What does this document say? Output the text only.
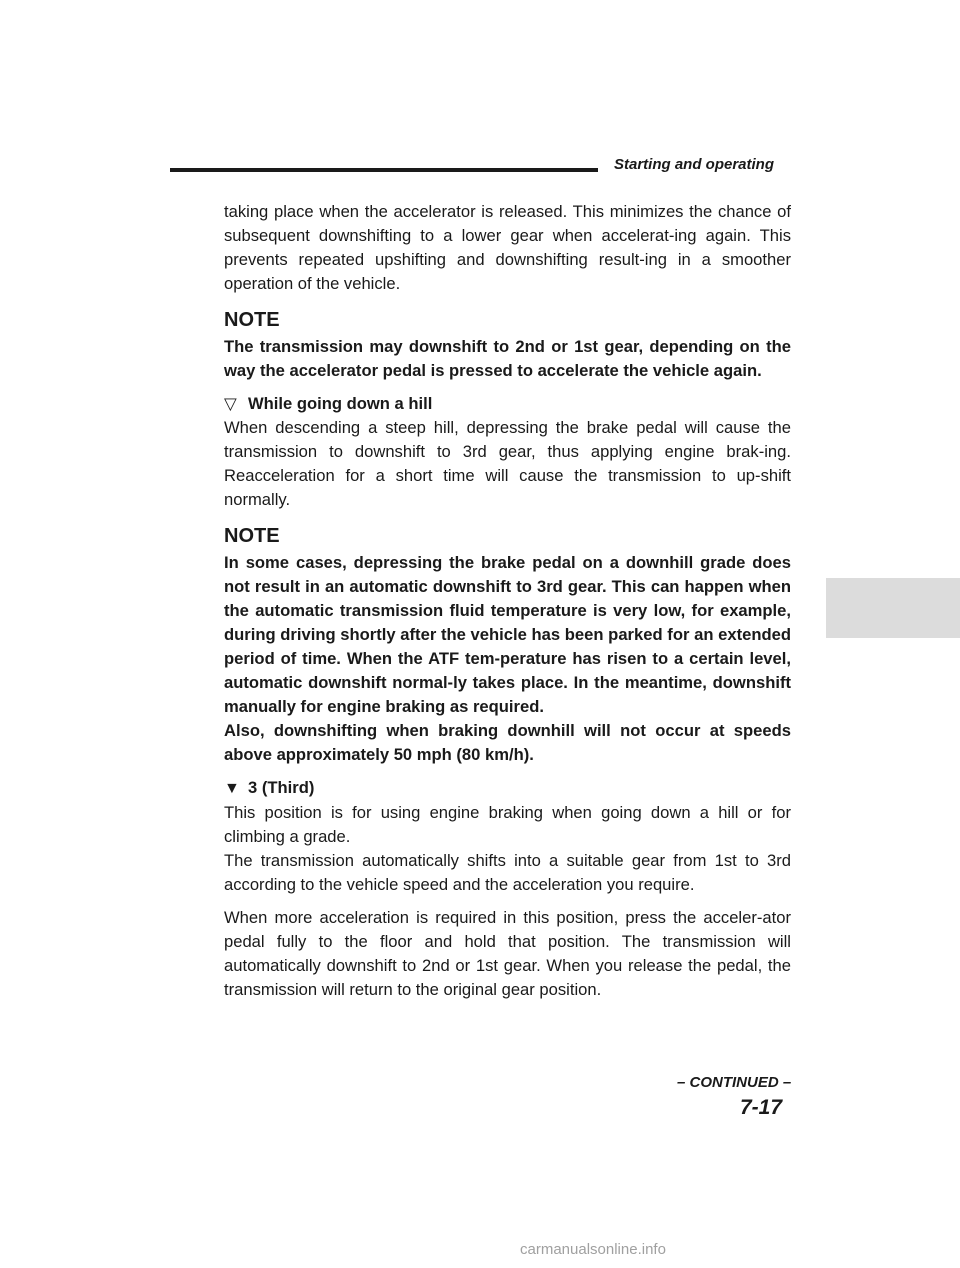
Starting and operating

taking place when the accelerator is released. This minimizes the chance of subsequent downshifting to a lower gear when accelerat-ing again. This prevents repeated upshifting and downshifting result-ing in a smoother operation of the vehicle.

NOTE

The transmission may downshift to 2nd or 1st gear, depending on the way the accelerator pedal is pressed to accelerate the vehicle again.

▽ While going down a hill

When descending a steep hill, depressing the brake pedal will cause the transmission to downshift to 3rd gear, thus applying engine brak-ing. Reacceleration for a short time will cause the transmission to up-shift normally.

NOTE

In some cases, depressing the brake pedal on a downhill grade does not result in an automatic downshift to 3rd gear. This can happen when the automatic transmission fluid temperature is very low, for example, during driving shortly after the vehicle has been parked for an extended period of time. When the ATF tem-perature has risen to a certain level, automatic downshift normal-ly takes place. In the meantime, downshift manually for engine braking as required.

Also, downshifting when braking downhill will not occur at speeds above approximately 50 mph (80 km/h).

▼ 3 (Third)

This position is for using engine braking when going down a hill or for climbing a grade.

The transmission automatically shifts into a suitable gear from 1st to 3rd according to the vehicle speed and the acceleration you require.

When more acceleration is required in this position, press the acceler-ator pedal fully to the floor and hold that position. The transmission will automatically downshift to 2nd or 1st gear. When you release the pedal, the transmission will return to the original gear position.

– CONTINUED –
7-17
carmanualsonline.info
